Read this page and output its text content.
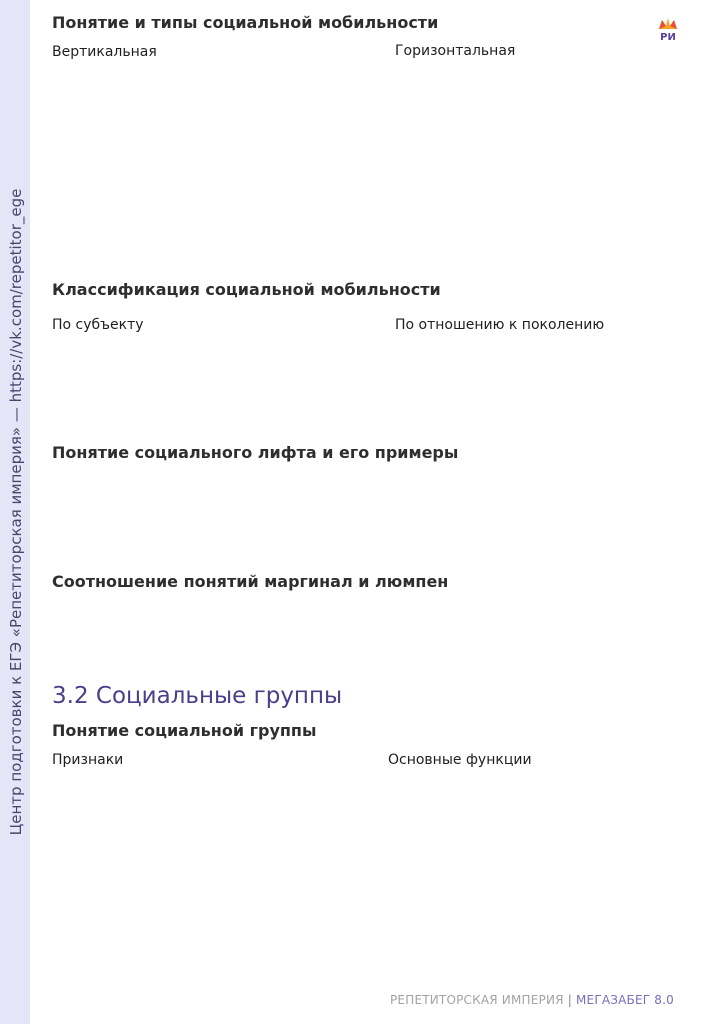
Центр подготовки к ЕГЭ «Репетиторская империя» — https://vk.com/repetitor_ege
РИ
Понятие и типы социальной мобильности
Вертикальная	Горизонтальная
Классификация социальной мобильности
По субъекту	По отношению к поколению
Понятие социального лифта и его примеры
Соотношение понятий маргинал и люмпен
3.2 Социальные группы
Понятие социальной группы
Признаки	Основные функции
РЕПЕТИТОРСКАЯ ИМПЕРИЯ | МЕГАЗАБЕГ 8.0
